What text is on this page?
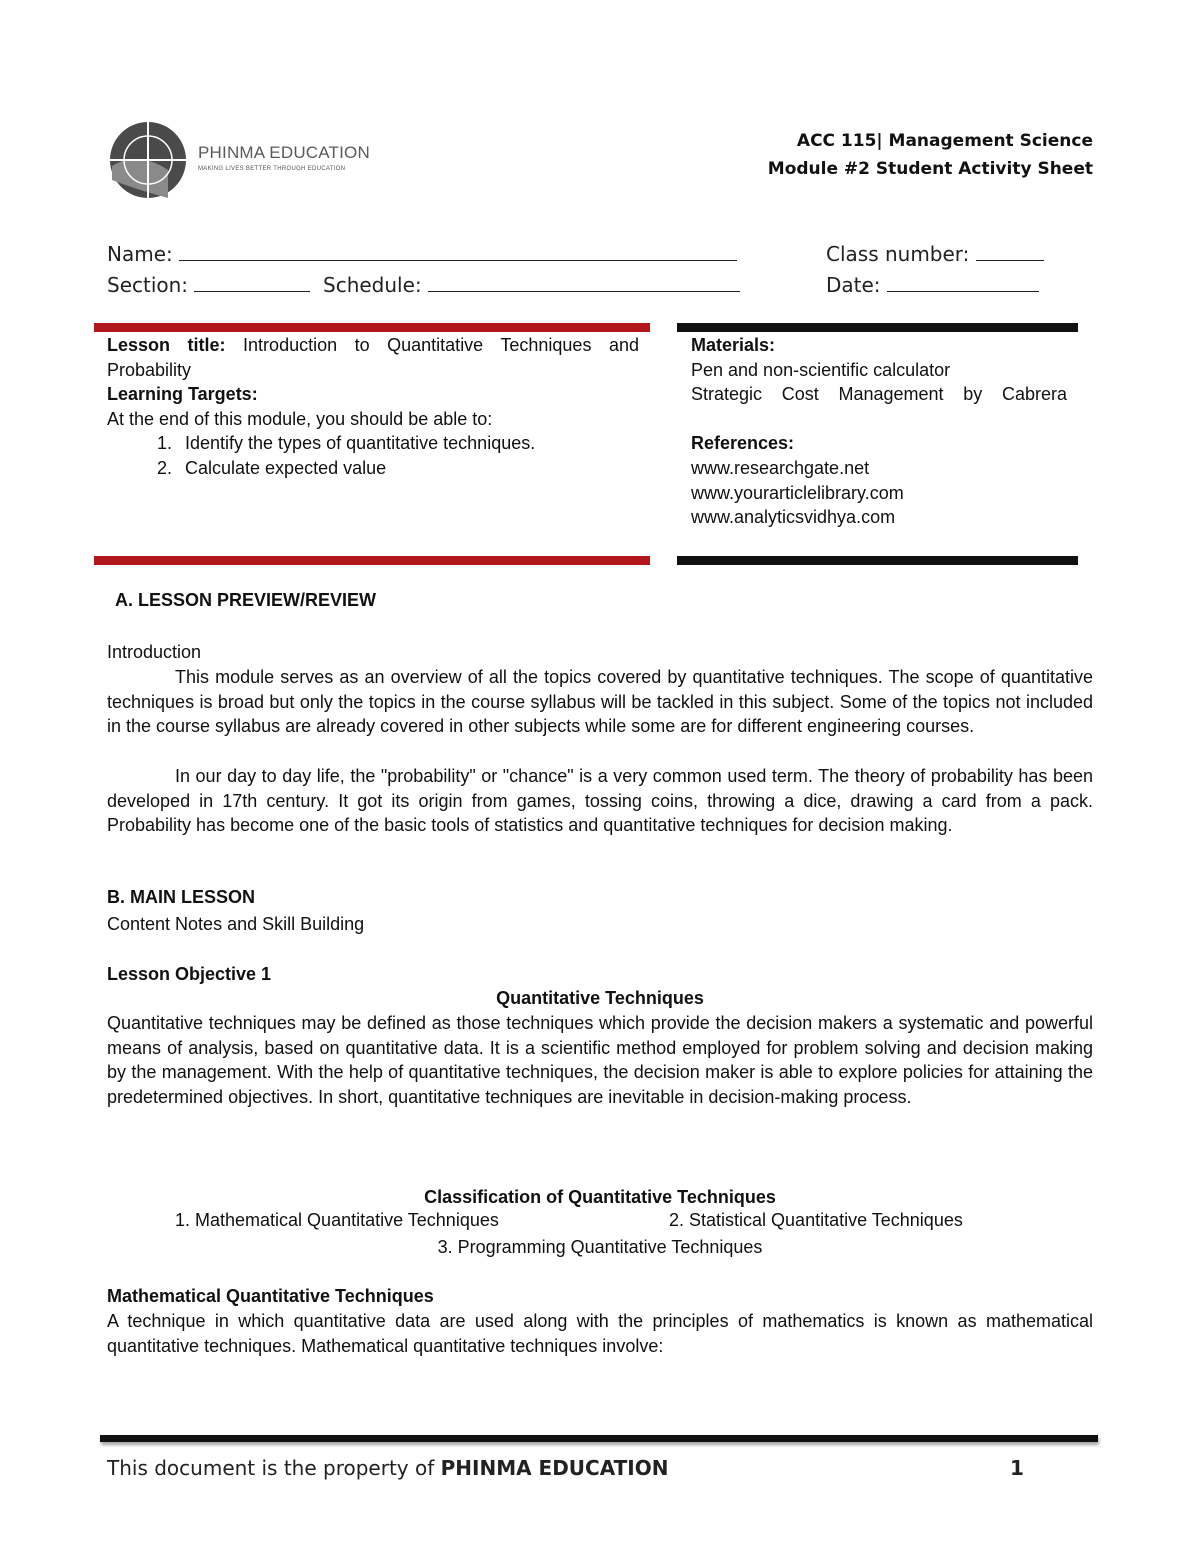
PHINMA EDUCATION
MAKING LIVES BETTER THROUGH EDUCATION
ACC 115| Management Science
Module #2 Student Activity Sheet
Name:	Class number:
Section:	Schedule:	Date:
Lesson title: Introduction to Quantitative Techniques and Probability
Learning Targets:
At the end of this module, you should be able to:
1. Identify the types of quantitative techniques.
2. Calculate expected value
Materials:
Pen and non-scientific calculator
Strategic Cost Management by Cabrera
References:
www.researchgate.net
www.yourarticlelibrary.com
www.analyticsvidhya.com
A. LESSON PREVIEW/REVIEW
Introduction
This module serves as an overview of all the topics covered by quantitative techniques. The scope of quantitative techniques is broad but only the topics in the course syllabus will be tackled in this subject. Some of the topics not included in the course syllabus are already covered in other subjects while some are for different engineering courses.
In our day to day life, the "probability" or "chance" is a very common used term. The theory of probability has been developed in 17th century. It got its origin from games, tossing coins, throwing a dice, drawing a card from a pack. Probability has become one of the basic tools of statistics and quantitative techniques for decision making.
B. MAIN LESSON
Content Notes and Skill Building
Lesson Objective 1
Quantitative Techniques
Quantitative techniques may be defined as those techniques which provide the decision makers a systematic and powerful means of analysis, based on quantitative data. It is a scientific method employed for problem solving and decision making by the management. With the help of quantitative techniques, the decision maker is able to explore policies for attaining the predetermined objectives. In short, quantitative techniques are inevitable in decision-making process.
Classification of Quantitative Techniques
1. Mathematical Quantitative Techniques	2. Statistical Quantitative Techniques
3. Programming Quantitative Techniques
Mathematical Quantitative Techniques
A technique in which quantitative data are used along with the principles of mathematics is known as mathematical quantitative techniques. Mathematical quantitative techniques involve:
This document is the property of PHINMA EDUCATION	1
